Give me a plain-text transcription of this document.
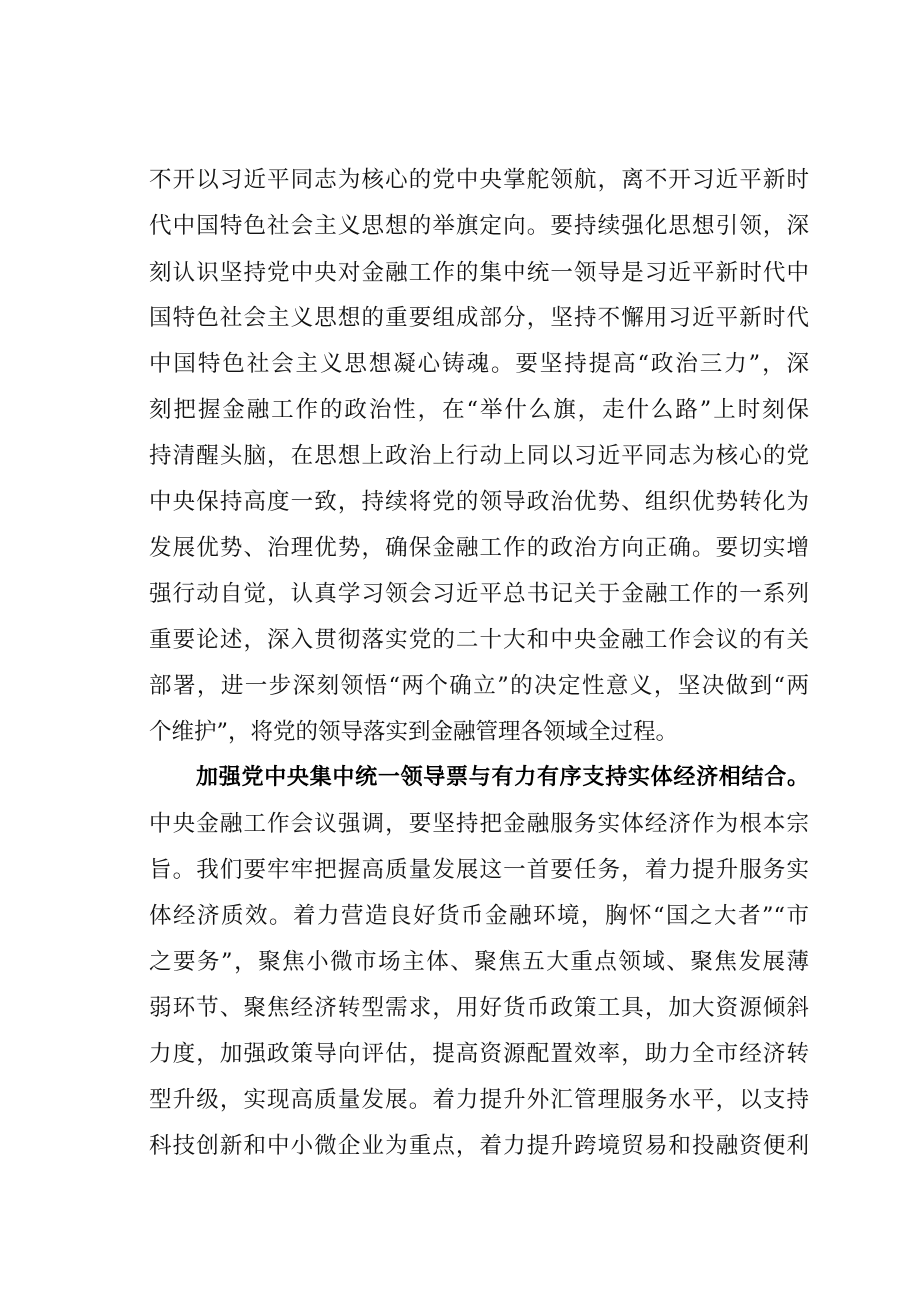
不开以习近平同志为核心的党中央掌舵领航，离不开习近平新时
代中国特色社会主义思想的举旗定向。要持续强化思想引领，深
刻认识坚持党中央对金融工作的集中统一领导是习近平新时代中
国特色社会主义思想的重要组成部分，坚持不懈用习近平新时代
中国特色社会主义思想凝心铸魂。要坚持提高“政治三力”，深
刻把握金融工作的政治性，在“举什么旗，走什么路”上时刻保
持清醒头脑，在思想上政治上行动上同以习近平同志为核心的党
中央保持高度一致，持续将党的领导政治优势、组织优势转化为
发展优势、治理优势，确保金融工作的政治方向正确。要切实增
强行动自觉，认真学习领会习近平总书记关于金融工作的一系列
重要论述，深入贯彻落实党的二十大和中央金融工作会议的有关
部署，进一步深刻领悟“两个确立”的决定性意义，坚决做到“两
个维护”，将党的领导落实到金融管理各领域全过程。
加强党中央集中统一领导票与有力有序支持实体经济相结合。
中央金融工作会议强调，要坚持把金融服务实体经济作为根本宗
旨。我们要牢牢把握高质量发展这一首要任务，着力提升服务实
体经济质效。着力营造良好货币金融环境，胸怀“国之大者”“市
之要务”，聚焦小微市场主体、聚焦五大重点领域、聚焦发展薄
弱环节、聚焦经济转型需求，用好货币政策工具，加大资源倾斜
力度，加强政策导向评估，提高资源配置效率，助力全市经济转
型升级，实现高质量发展。着力提升外汇管理服务水平，以支持
科技创新和中小微企业为重点，着力提升跨境贸易和投融资便利
